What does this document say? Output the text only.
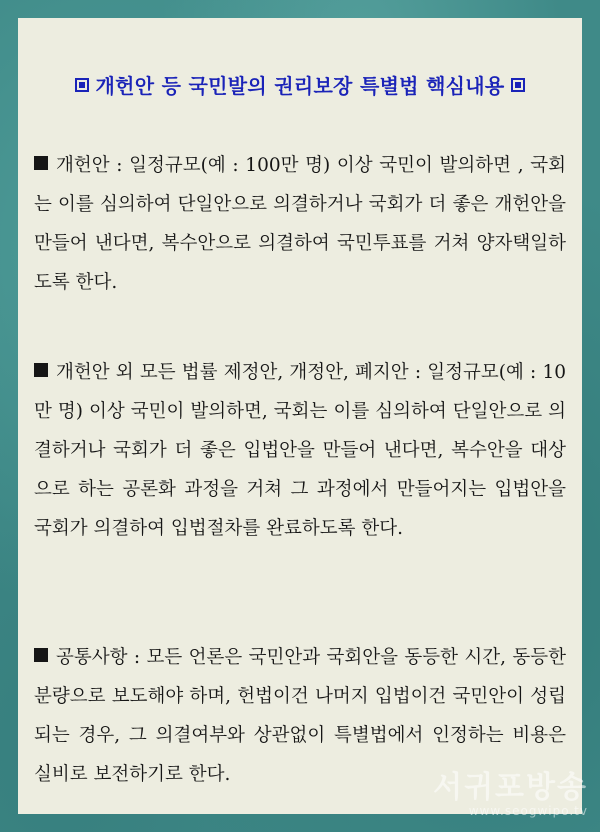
개헌안 등 국민발의 권리보장 특별법 핵심내용
개헌안 : 일정규모(예 : 100만 명) 이상 국민이 발의하면 , 국회는 이를 심의하여 단일안으로 의결하거나 국회가 더 좋은 개헌안을 만들어 낸다면, 복수안으로 의결하여 국민투표를 거쳐 양자택일하도록 한다.
개헌안 외 모든 법률 제정안, 개정안, 폐지안 : 일정규모(예 : 10만 명) 이상 국민이 발의하면, 국회는 이를 심의하여 단일안으로 의결하거나 국회가 더 좋은 입법안을 만들어 낸다면, 복수안을 대상으로 하는 공론화 과정을 거쳐 그 과정에서 만들어지는 입법안을 국회가 의결하여 입법절차를 완료하도록 한다.
공통사항 : 모든 언론은 국민안과 국회안을 동등한 시간, 동등한 분량으로 보도해야 하며, 헌법이건 나머지 입법이건 국민안이 성립되는 경우, 그 의결여부와 상관없이 특별법에서 인정하는 비용은 실비로 보전하기로 한다.	서귀포방송
www.seogwipo.tv
